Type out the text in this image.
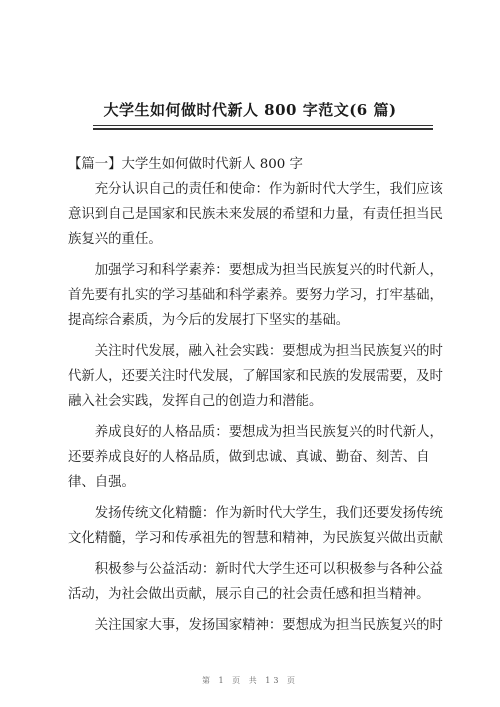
大学生如何做时代新人 800 字范文(6 篇)

【篇一】大学生如何做时代新人 800 字

充分认识自己的责任和使命：作为新时代大学生，我们应该意识到自己是国家和民族未来发展的希望和力量，有责任担当民族复兴的重任。

加强学习和科学素养：要想成为担当民族复兴的时代新人，首先要有扎实的学习基础和科学素养。要努力学习，打牢基础，提高综合素质，为今后的发展打下坚实的基础。

关注时代发展，融入社会实践：要想成为担当民族复兴的时代新人，还要关注时代发展，了解国家和民族的发展需要，及时融入社会实践，发挥自己的创造力和潜能。

养成良好的人格品质：要想成为担当民族复兴的时代新人，还要养成良好的人格品质，做到忠诚、真诚、勤奋、刻苦、自律、自强。

发扬传统文化精髓：作为新时代大学生，我们还要发扬传统文化精髓，学习和传承祖先的智慧和精神，为民族复兴做出贡献

积极参与公益活动：新时代大学生还可以积极参与各种公益活动，为社会做出贡献，展示自己的社会责任感和担当精神。

关注国家大事，发扬国家精神：要想成为担当民族复兴的时

第 1 页 共 13 页
